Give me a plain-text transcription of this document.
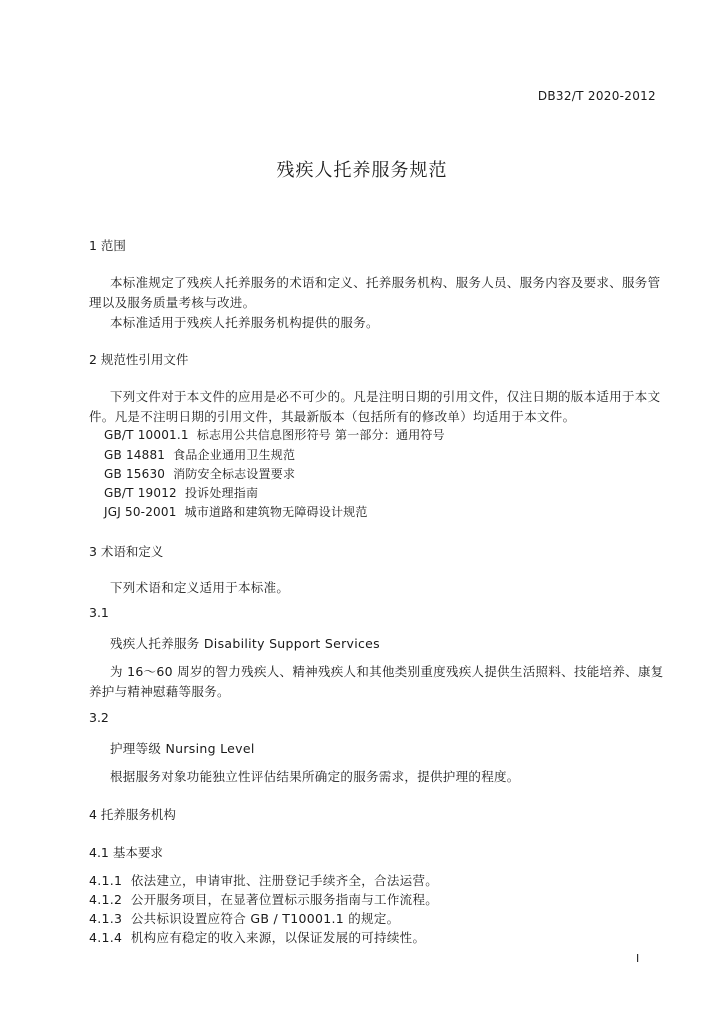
DB32/T 2020-2012
残疾人托养服务规范
1 范围
本标准规定了残疾人托养服务的术语和定义、托养服务机构、服务人员、服务内容及要求、服务管
理以及服务质量考核与改进。
本标准适用于残疾人托养服务机构提供的服务。
2 规范性引用文件
下列文件对于本文件的应用是必不可少的。凡是注明日期的引用文件，仅注日期的版本适用于本文
件。凡是不注明日期的引用文件，其最新版本（包括所有的修改单）均适用于本文件。
GB/T 10001.1 标志用公共信息图形符号 第一部分：通用符号
GB 14881 食品企业通用卫生规范
GB 15630 消防安全标志设置要求
GB/T 19012 投诉处理指南
JGJ 50-2001 城市道路和建筑物无障碍设计规范
3 术语和定义
下列术语和定义适用于本标准。
3.1
残疾人托养服务 Disability Support Services
为 16～60 周岁的智力残疾人、精神残疾人和其他类别重度残疾人提供生活照料、技能培养、康复
养护与精神慰藉等服务。
3.2
护理等级 Nursing Level
根据服务对象功能独立性评估结果所确定的服务需求，提供护理的程度。
4 托养服务机构
4.1 基本要求
4.1.1 依法建立，申请审批、注册登记手续齐全，合法运营。
4.1.2 公开服务项目，在显著位置标示服务指南与工作流程。
4.1.3 公共标识设置应符合 GB / T10001.1 的规定。
4.1.4 机构应有稳定的收入来源，以保证发展的可持续性。
I
